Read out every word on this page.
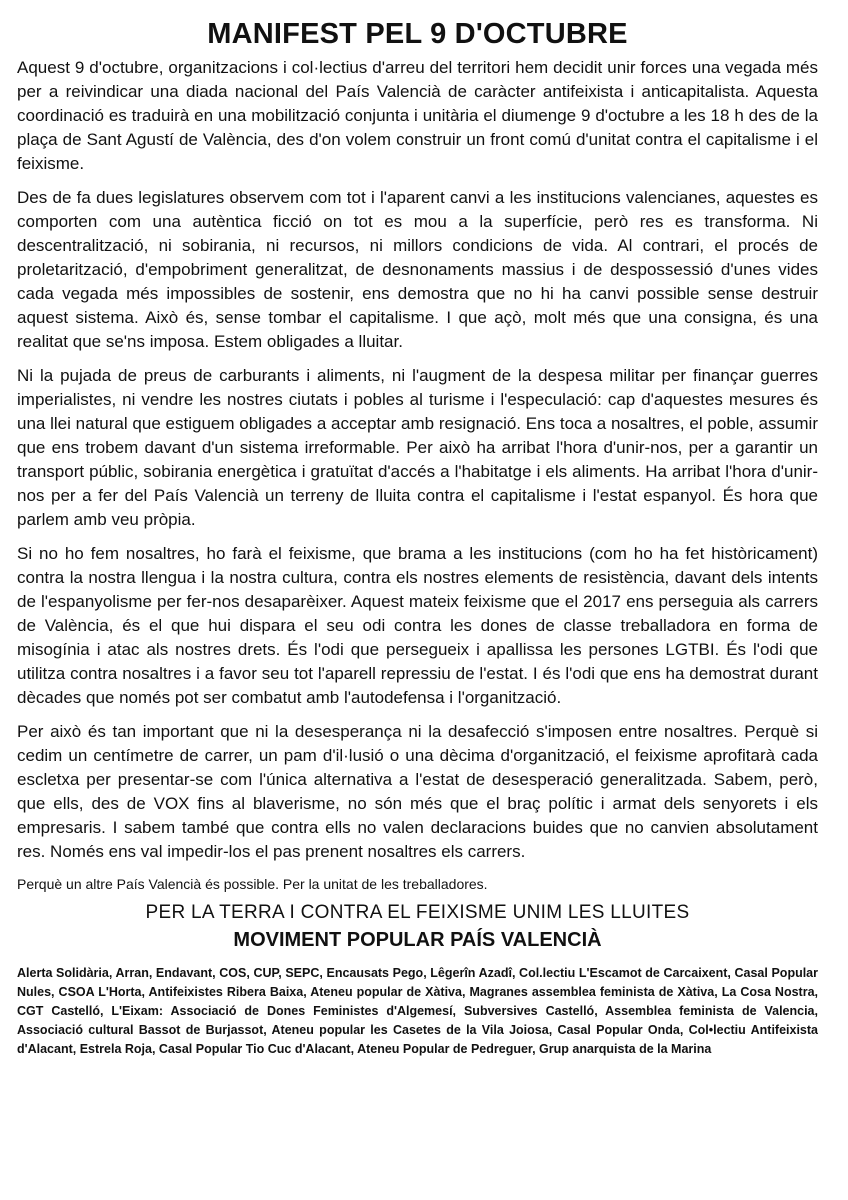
MANIFEST PEL 9 D'OCTUBRE

Aquest 9 d'octubre, organitzacions i col·lectius d'arreu del territori hem decidit unir forces una vegada més per a reivindicar una diada nacional del País Valencià de caràcter antifeixista i anticapitalista. Aquesta coordinació es traduirà en una mobilització conjunta i unitària el diumenge 9 d'octubre a les 18 h des de la plaça de Sant Agustí de València, des d'on volem construir un front comú d'unitat contra el capitalisme i el feixisme.

Des de fa dues legislatures observem com tot i l'aparent canvi a les institucions valencianes, aquestes es comporten com una autèntica ficció on tot es mou a la superfície, però res es transforma. Ni descentralització, ni sobirania, ni recursos, ni millors condicions de vida. Al contrari, el procés de proletarització, d'empobriment generalitzat, de desnonaments massius i de despossessió d'unes vides cada vegada més impossibles de sostenir, ens demostra que no hi ha canvi possible sense destruir aquest sistema. Això és, sense tombar el capitalisme. I que açò, molt més que una consigna, és una realitat que se'ns imposa. Estem obligades a lluitar.

Ni la pujada de preus de carburants i aliments, ni l'augment de la despesa militar per finançar guerres imperialistes, ni vendre les nostres ciutats i pobles al turisme i l'especulació: cap d'aquestes mesures és una llei natural que estiguem obligades a acceptar amb resignació. Ens toca a nosaltres, el poble, assumir que ens trobem davant d'un sistema irreformable. Per això ha arribat l'hora d'unir-nos, per a garantir un transport públic, sobirania energètica i gratuïtat d'accés a l'habitatge i els aliments. Ha arribat l'hora d'unir-nos per a fer del País Valencià un terreny de lluita contra el capitalisme i l'estat espanyol. És hora que parlem amb veu pròpia.

Si no ho fem nosaltres, ho farà el feixisme, que brama a les institucions (com ho ha fet històricament) contra la nostra llengua i la nostra cultura, contra els nostres elements de resistència, davant dels intents de l'espanyolisme per fer-nos desaparèixer. Aquest mateix feixisme que el 2017 ens perseguia als carrers de València, és el que hui dispara el seu odi contra les dones de classe treballadora en forma de misogínia i atac als nostres drets. És l'odi que persegueix i apallissa les persones LGTBI. És l'odi que utilitza contra nosaltres i a favor seu tot l'aparell repressiu de l'estat. I és l'odi que ens ha demostrat durant dècades que només pot ser combatut amb l'autodefensa i l'organització.

Per això és tan important que ni la desesperança ni la desafecció s'imposen entre nosaltres. Perquè si cedim un centímetre de carrer, un pam d'il·lusió o una dècima d'organització, el feixisme aprofitarà cada escletxa per presentar-se com l'única alternativa a l'estat de desesperació generalitzada. Sabem, però, que ells, des de VOX fins al blaverisme, no són més que el braç polític i armat dels senyorets i els empresaris. I sabem també que contra ells no valen declaracions buides que no canvien absolutament res. Només ens val impedir-los el pas prenent nosaltres els carrers.

Perquè un altre País Valencià és possible. Per la unitat de les treballadores.

PER LA TERRA I CONTRA EL FEIXISME UNIM LES LLUITES

MOVIMENT POPULAR PAÍS VALENCIÀ

Alerta Solidària, Arran, Endavant, COS, CUP, SEPC, Encausats Pego, Lêgerîn Azadî, Col.lectiu L'Escamot de Carcaixent, Casal Popular Nules, CSOA L'Horta, Antifeixistes Ribera Baixa, Ateneu popular de Xàtiva, Magranes assemblea feminista de Xàtiva, La Cosa Nostra, CGT Castelló, L'Eixam: Associació de Dones Feministes d'Algemesí, Subversives Castelló, Assemblea feminista de Valencia, Associació cultural Bassot de Burjassot, Ateneu popular les Casetes de la Vila Joiosa, Casal Popular Onda, Col•lectiu Antifeixista d'Alacant, Estrela Roja, Casal Popular Tio Cuc d'Alacant, Ateneu Popular de Pedreguer, Grup anarquista de la Marina
